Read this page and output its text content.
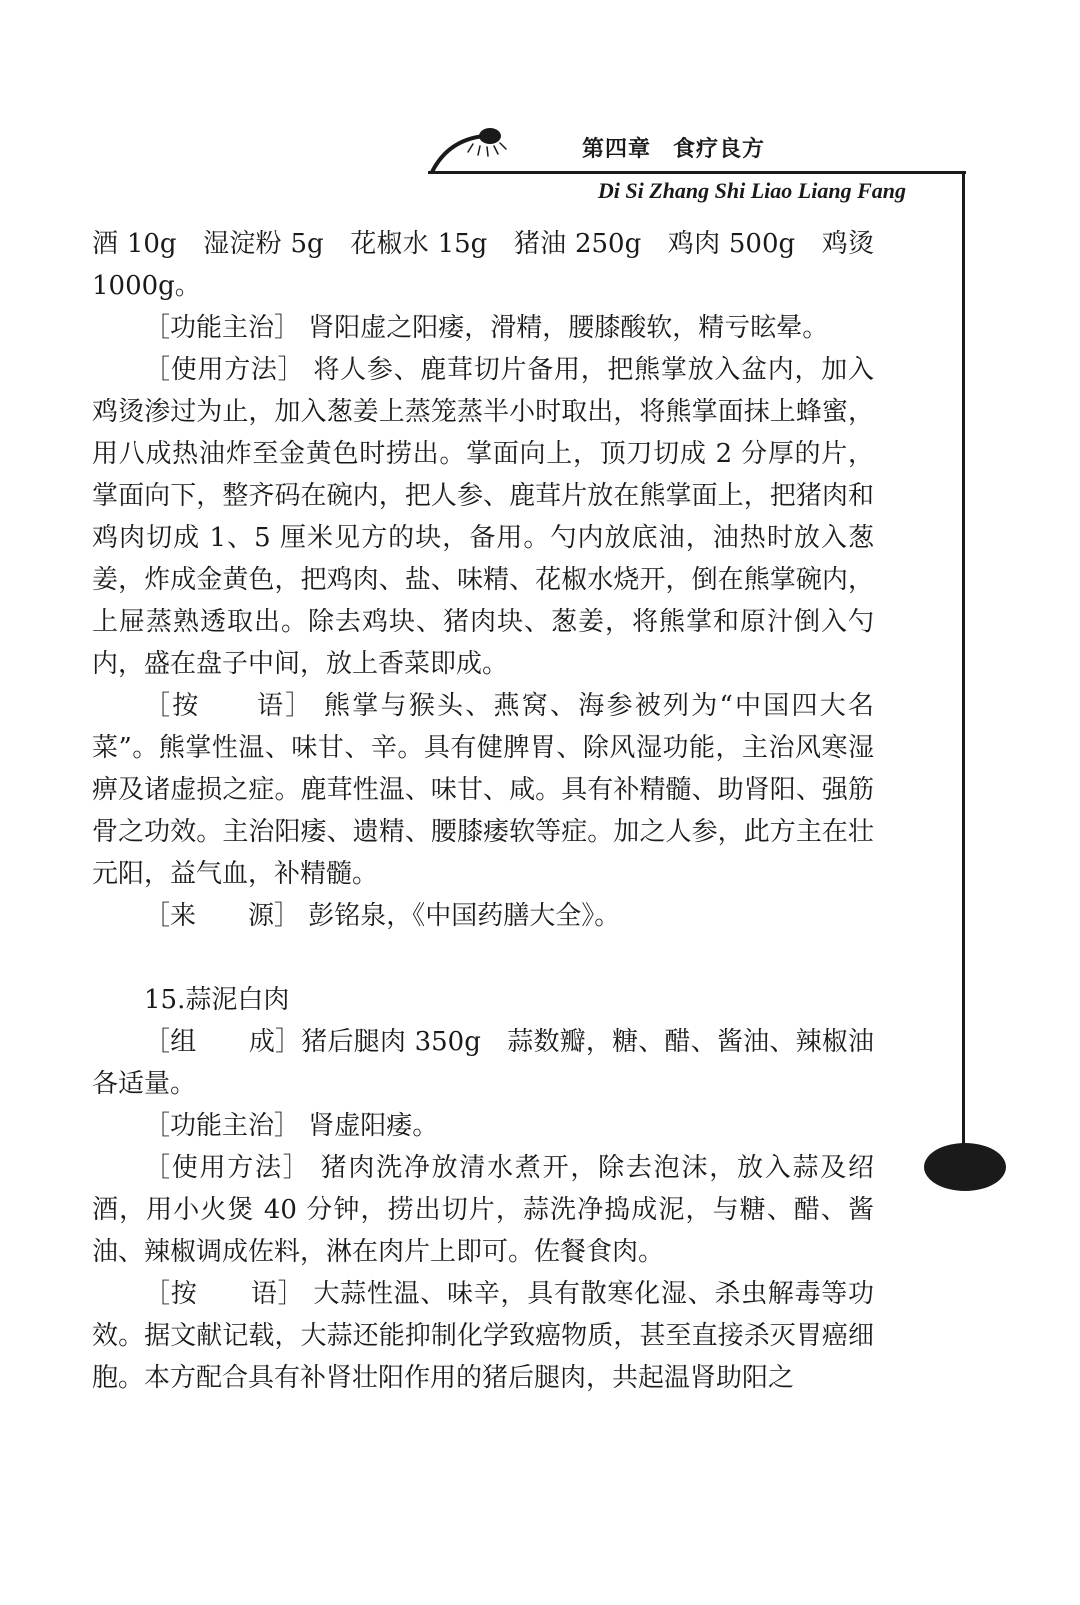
第四章 食疗良方
Di Si Zhang Shi Liao Liang Fang

酒 10g　湿淀粉 5g　花椒水 15g　猪油 250g　鸡肉 500g　鸡烫 1000g。

［功能主治］ 肾阳虚之阳痿，滑精，腰膝酸软，精亏眩晕。

［使用方法］ 将人参、鹿茸切片备用，把熊掌放入盆内，加入鸡烫渗过为止，加入葱姜上蒸笼蒸半小时取出，将熊掌面抹上蜂蜜，用八成热油炸至金黄色时捞出。掌面向上，顶刀切成 2 分厚的片，掌面向下，整齐码在碗内，把人参、鹿茸片放在熊掌面上，把猪肉和鸡肉切成 1、5 厘米见方的块，备用。勺内放底油，油热时放入葱姜，炸成金黄色，把鸡肉、盐、味精、花椒水烧开，倒在熊掌碗内，上屉蒸熟透取出。除去鸡块、猪肉块、葱姜，将熊掌和原汁倒入勺内，盛在盘子中间，放上香菜即成。

［按　　语］ 熊掌与猴头、燕窝、海参被列为“中国四大名菜”。熊掌性温、味甘、辛。具有健脾胃、除风湿功能，主治风寒湿痹及诸虚损之症。鹿茸性温、味甘、咸。具有补精髓、助肾阳、强筋骨之功效。主治阳痿、遗精、腰膝痿软等症。加之人参，此方主在壮元阳，益气血，补精髓。

［来　　源］ 彭铭泉，《中国药膳大全》。

15.蒜泥白肉

［组　　成］猪后腿肉 350g　蒜数瓣，糖、醋、酱油、辣椒油各适量。

［功能主治］ 肾虚阳痿。

［使用方法］ 猪肉洗净放清水煮开，除去泡沫，放入蒜及绍酒，用小火煲 40 分钟，捞出切片，蒜洗净捣成泥，与糖、醋、酱油、辣椒调成佐料，淋在肉片上即可。佐餐食肉。

［按　　语］ 大蒜性温、味辛，具有散寒化湿、杀虫解毒等功效。据文献记载，大蒜还能抑制化学致癌物质，甚至直接杀灭胃癌细胞。本方配合具有补肾壮阳作用的猪后腿肉，共起温肾助阳之
